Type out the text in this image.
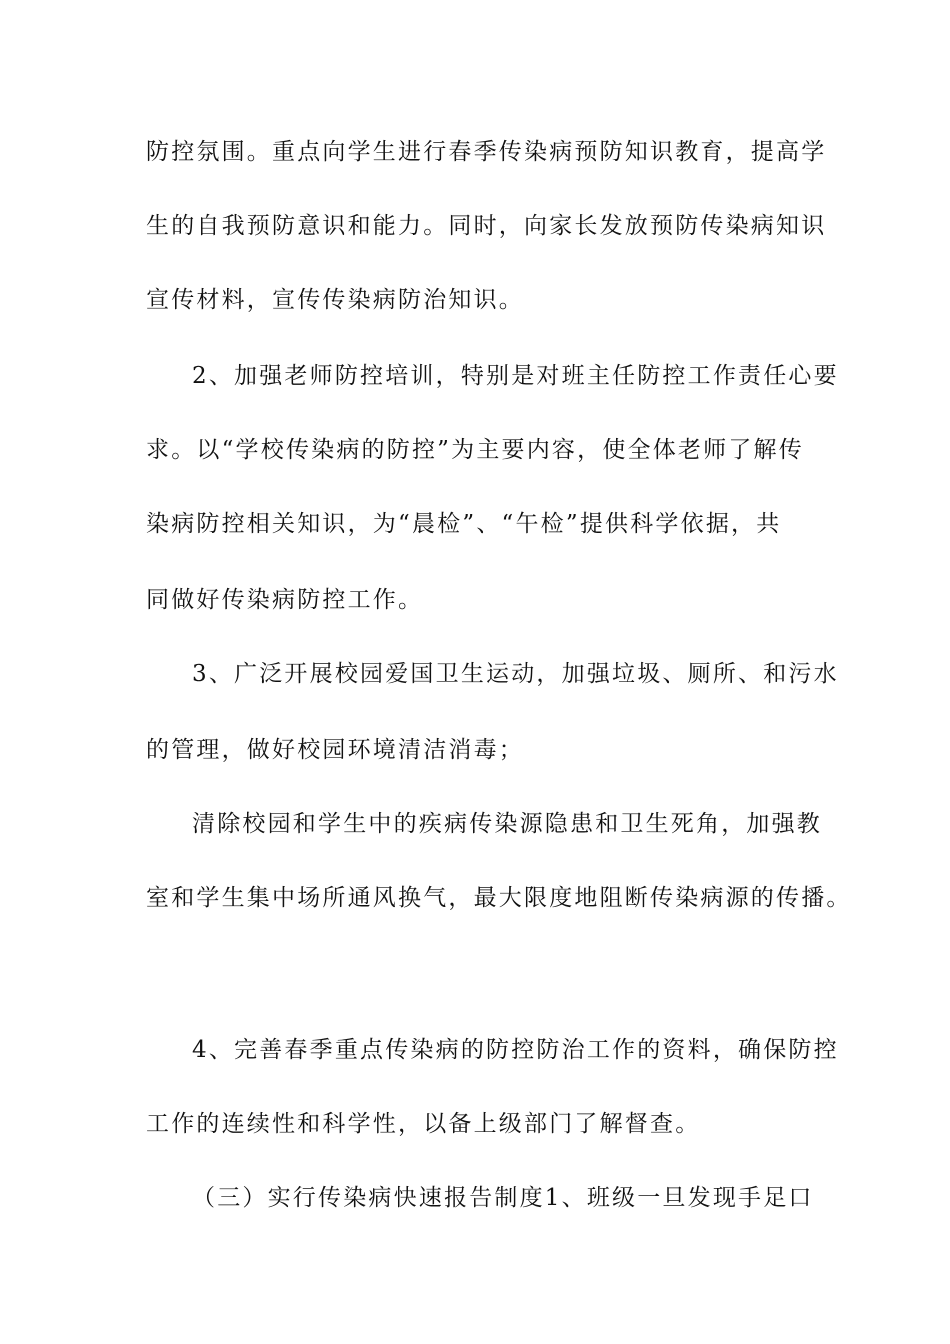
防控氛围。重点向学生进行春季传染病预防知识教育，提高学
生的自我预防意识和能力。同时，向家长发放预防传染病知识
宣传材料，宣传传染病防治知识。
2、加强老师防控培训，特别是对班主任防控工作责任心要
求。以“学校传染病的防控”为主要内容，使全体老师了解传
染病防控相关知识，为“晨检”、“午检”提供科学依据，共
同做好传染病防控工作。
3、广泛开展校园爱国卫生运动，加强垃圾、厕所、和污水
的管理，做好校园环境清洁消毒；
清除校园和学生中的疾病传染源隐患和卫生死角，加强教
室和学生集中场所通风换气，最大限度地阻断传染病源的传播。
4、完善春季重点传染病的防控防治工作的资料，确保防控
工作的连续性和科学性，以备上级部门了解督查。
（三）实行传染病快速报告制度1、班级一旦发现手足口
